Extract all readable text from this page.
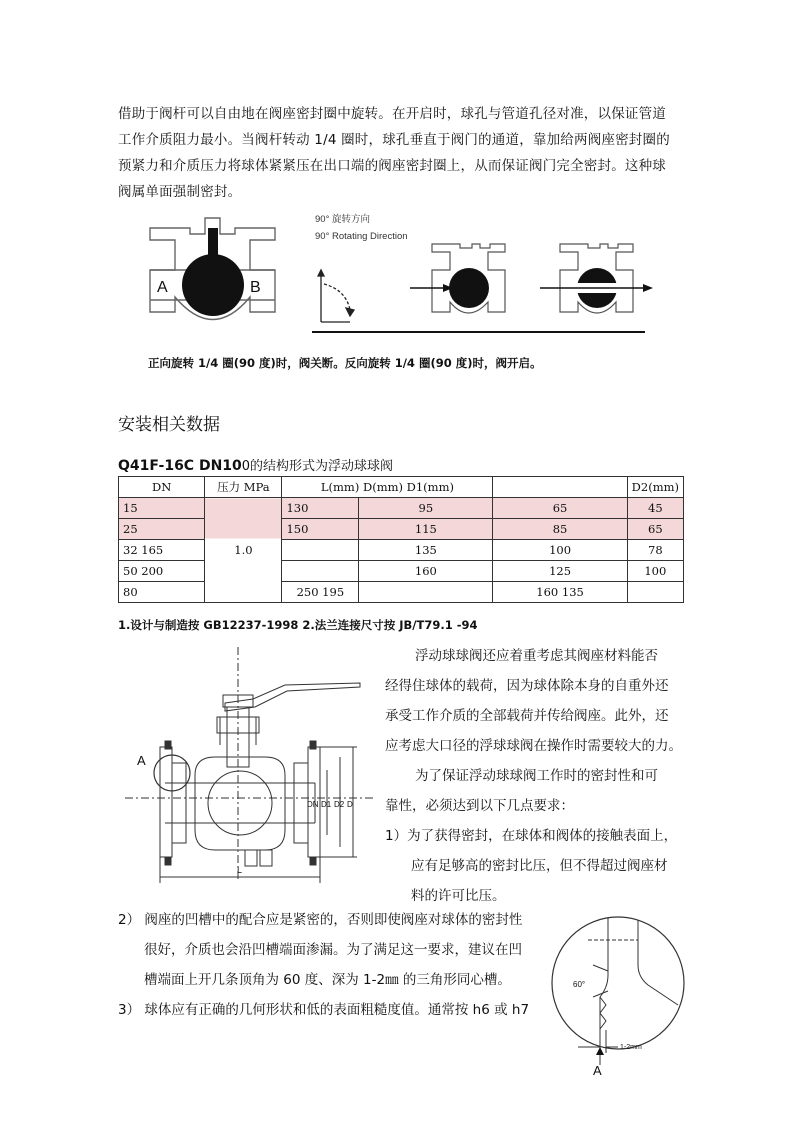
借助于阀杆可以自由地在阀座密封圈中旋转。在开启时，球孔与管道孔径对准，以保证管道

工作介质阻力最小。当阀杆转动 1/4 圈时，球孔垂直于阀门的通道，靠加给两阀座密封圈的

预紧力和介质压力将球体紧紧压在出口端的阀座密封圈上，从而保证阀门完全密封。这种球

阀属单面强制密封。

A	B
90° 旋转方向
90° Rotating Direction
正向旋转 1/4 圈(90 度)时，阀关断。反向旋转 1/4 圈(90 度)时，阀开启。
安装相关数据
Q41F-16C DN100的结构形式为浮动球球阀
DN	压力 MPa	L(mm) D(mm) D1(mm)			D2(mm)
15	1.0	130	95	65	45
25		150	115	85	65
32 165			135	100	78
50 200			160	125	100
80		250 195		160 135	
1.设计与制造按 GB12237-1998 2.法兰连接尺寸按 JB/T79.1 -94
A
DN D1 D2 D
L

浮动球球阀还应着重考虑其阀座材料能否

经得住球体的载荷，因为球体除本身的自重外还

承受工作介质的全部载荷并传给阀座。此外，还

应考虑大口径的浮球球阀在操作时需要较大的力。

为了保证浮动球球阀工作时的密封性和可

靠性，必须达到以下几点要求：

1）为了获得密封，在球体和阀体的接触表面上，

应有足够高的密封比压，但不得超过阀座材

料的许可比压。

2） 阀座的凹槽中的配合应是紧密的，否则即使阀座对球体的密封性

很好，介质也会沿凹槽端面渗漏。为了满足这一要求，建议在凹

槽端面上开几条顶角为 60 度、深为 1-2㎜ 的三角形同心槽。

3） 球体应有正确的几何形状和低的表面粗糙度值。通常按 h6 或 h7

60°
1-2mm
A
